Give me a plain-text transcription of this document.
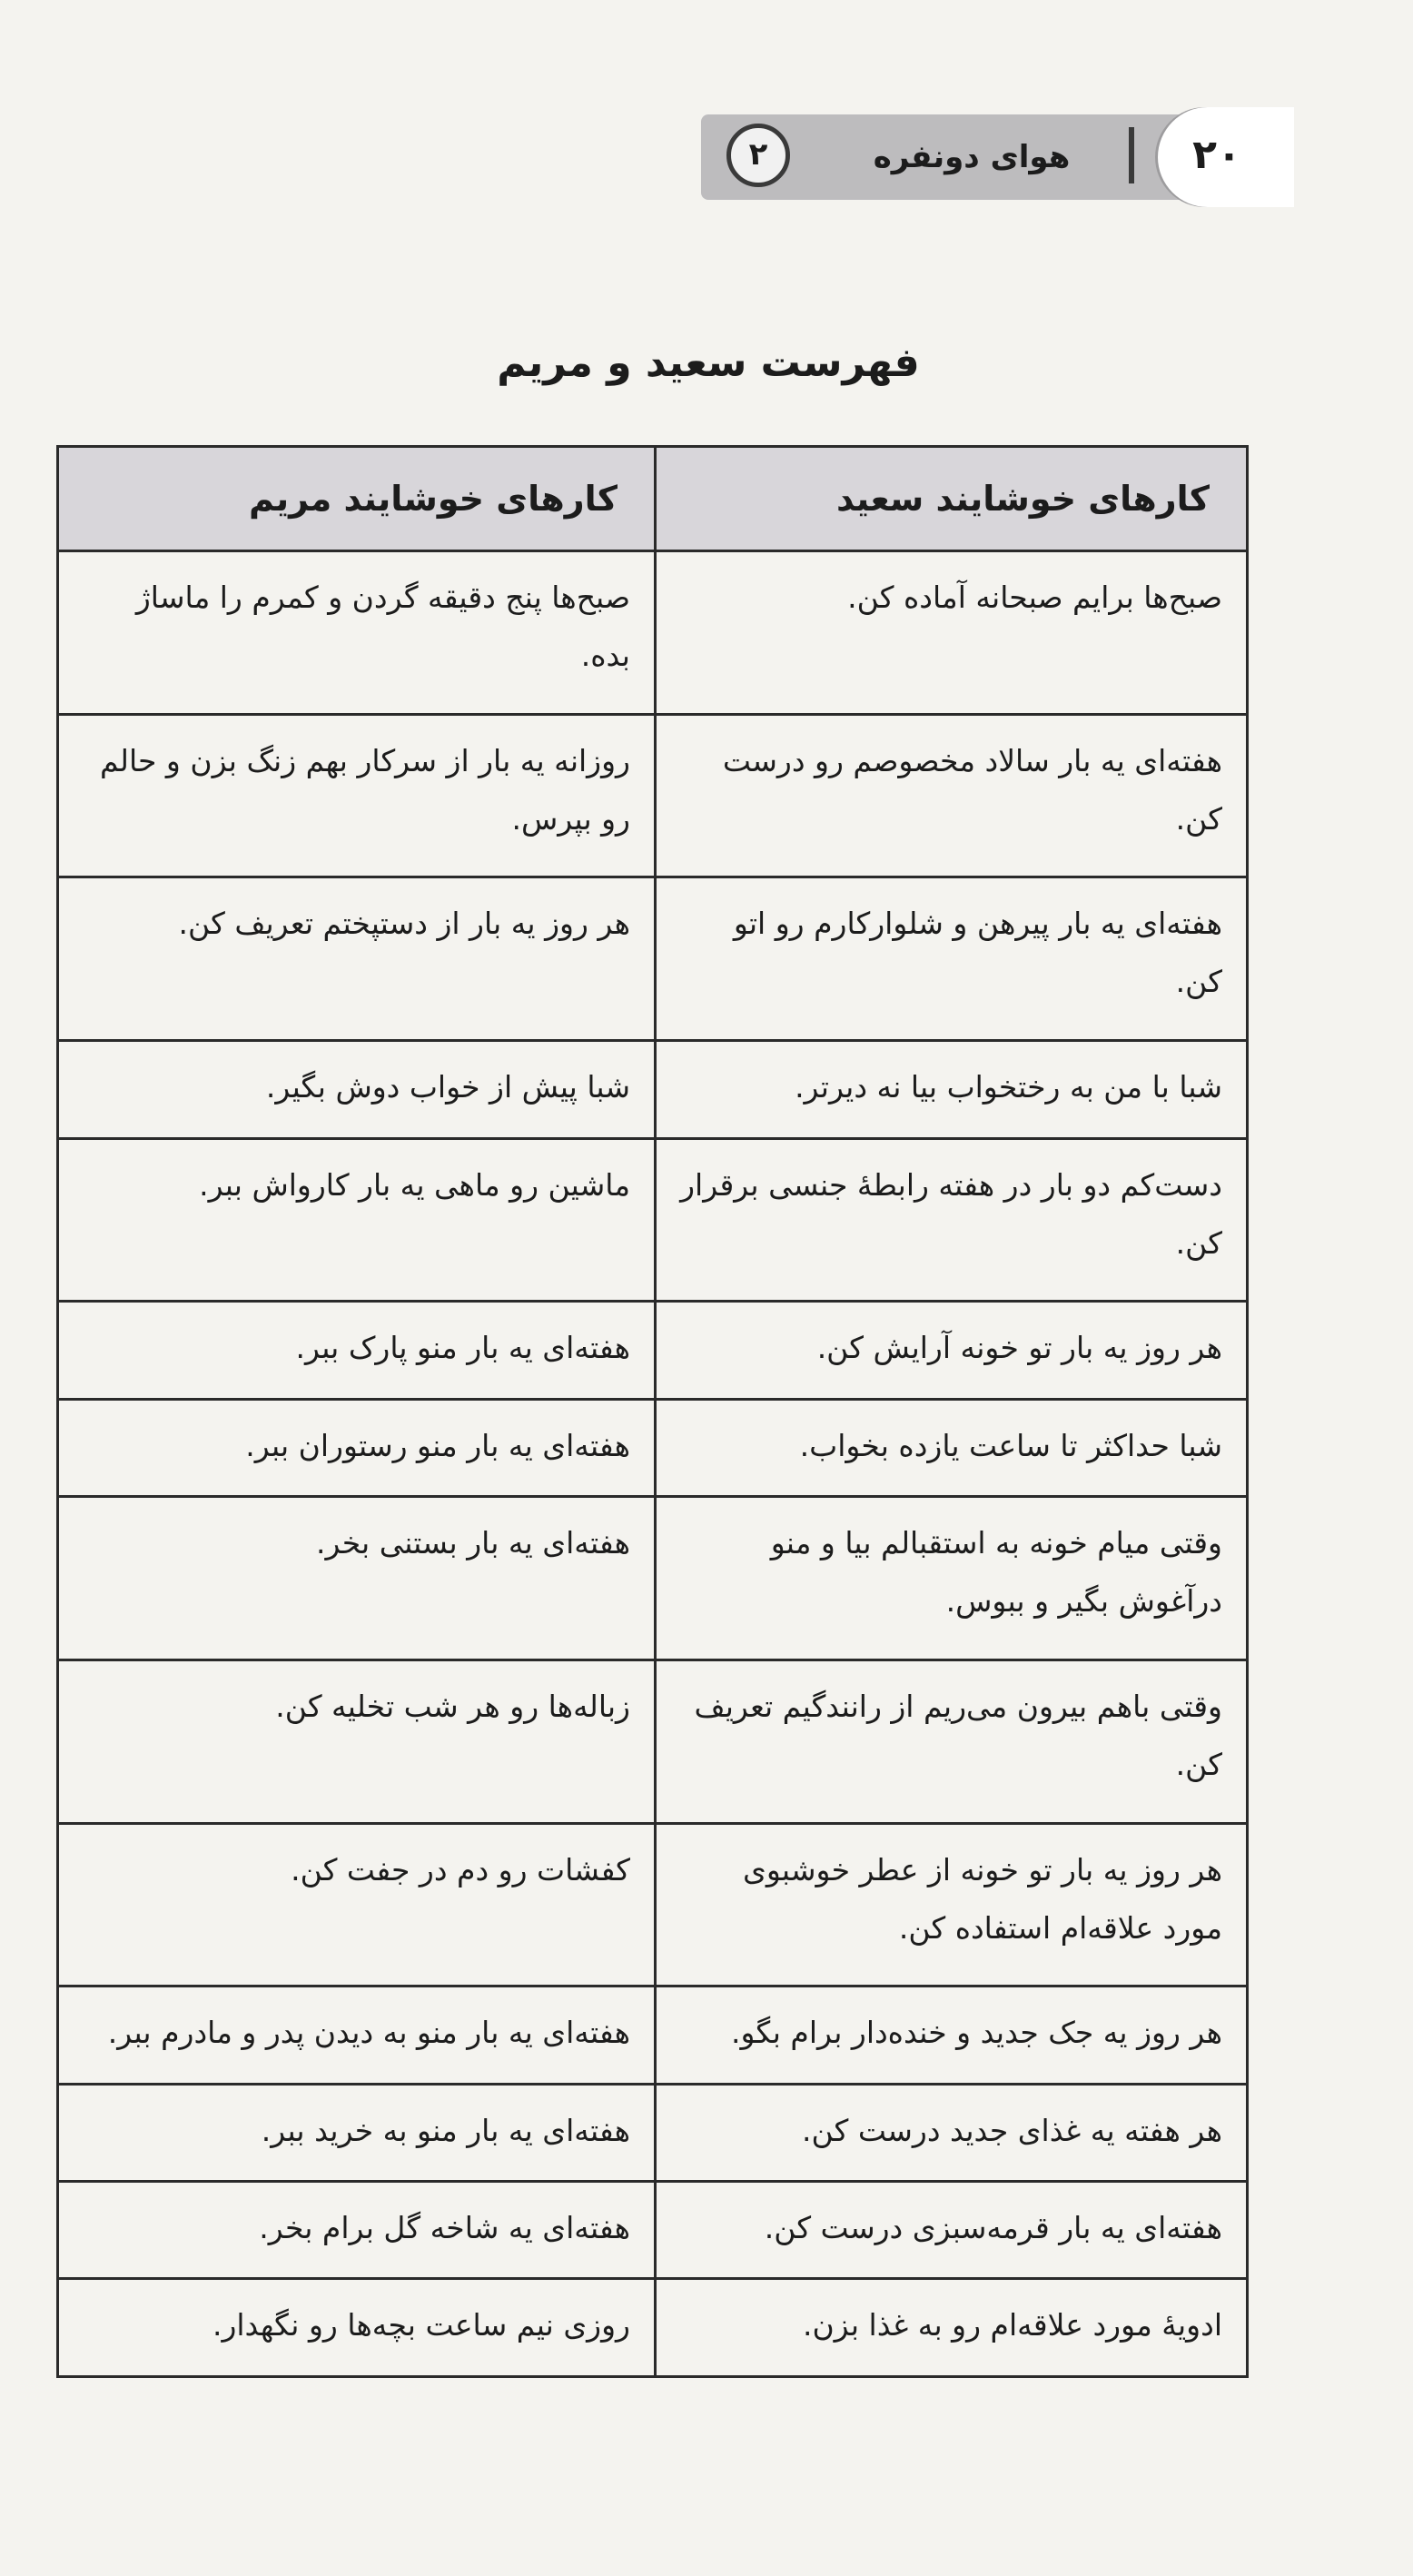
۲	هوای دونفره	۲۰
فهرست سعید و مریم
کارهای خوشایند سعید	کارهای خوشایند مریم
صبح‌ها برایم صبحانه آماده کن.	صبح‌ها پنج دقیقه گردن و کمرم را ماساژ بده.
هفته‌ای یه بار سالاد مخصوصم رو درست کن.	روزانه یه بار از سرکار بهم زنگ بزن و حالم رو بپرس.
هفته‌ای یه بار پیرهن و شلوارکارم رو اتو کن.	هر روز یه بار از دستپختم تعریف کن.
شبا با من به رختخواب بیا نه دیرتر.	شبا پیش از خواب دوش بگیر.
دست‌کم دو بار در هفته رابطهٔ جنسی برقرار کن.	ماشین رو ماهی یه بار کارواش ببر.
هر روز یه بار تو خونه آرایش کن.	هفته‌ای یه بار منو پارک ببر.
شبا حداکثر تا ساعت یازده بخواب.	هفته‌ای یه بار منو رستوران ببر.
وقتی میام خونه به استقبالم بیا و منو درآغوش بگیر و ببوس.	هفته‌ای یه بار بستنی بخر.
وقتی باهم بیرون می‌ریم از رانندگیم تعریف کن.	زباله‌ها رو هر شب تخلیه کن.
هر روز یه بار تو خونه از عطر خوشبوی مورد علاقه‌ام استفاده کن.	کفشات رو دم در جفت کن.
هر روز یه جک جدید و خنده‌دار برام بگو.	هفته‌ای یه بار منو به دیدن پدر و مادرم ببر.
هر هفته یه غذای جدید درست کن.	هفته‌ای یه بار منو به خرید ببر.
هفته‌ای یه بار قرمه‌سبزی درست کن.	هفته‌ای یه شاخه گل برام بخر.
ادویهٔ مورد علاقه‌ام رو به غذا بزن.	روزی نیم ساعت بچه‌ها رو نگهدار.
